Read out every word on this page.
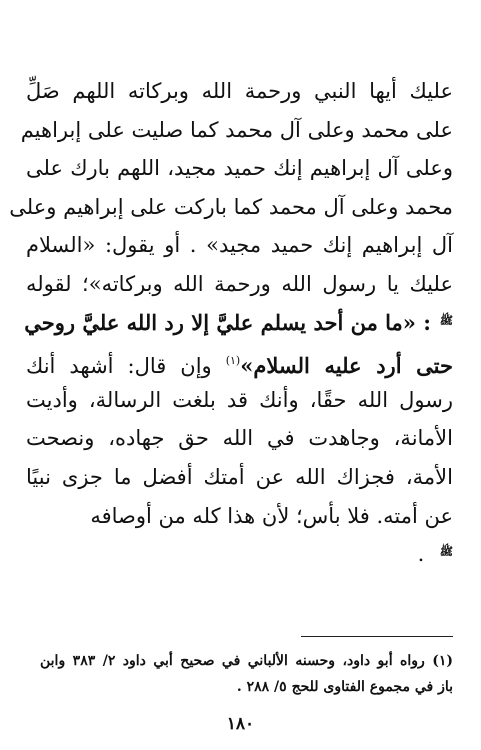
عليك أيها النبي ورحمة الله وبركاته اللهم صَلِّ
على محمد وعلى آل محمد كما صليت على إبراهيم
وعلى آل إبراهيم إنك حميد مجيد، اللهم بارك على
محمد وعلى آل محمد كما باركت على إبراهيم وعلى
آل إبراهيم إنك حميد مجيد» . أو يقول: «السلام
عليك يا رسول الله ورحمة الله وبركاته»؛ لقوله
ﷺ: «ما من أحد يسلم عليَّ إلا رد الله عليَّ روحي
حتى أرد عليه السلام»$^{(١)}$ وإن قال: أشهد أنك
رسول الله حقًا، وأنك قد بلغت الرسالة، وأديت
الأمانة، وجاهدت في الله حق جهاده، ونصحت
الأمة، فجزاك الله عن أمتك أفضل ما جزى نبيًا
عن أمته. فلا بأس؛ لأن هذا كله من أوصافه
ﷺ .
(١) رواه أبو داود، وحسنه الألباني في صحيح أبي داود ٢/ ٣٨٣ وابن
باز في مجموع الفتاوى للحج ٥/ ٢٨٨ .
١٨٠
